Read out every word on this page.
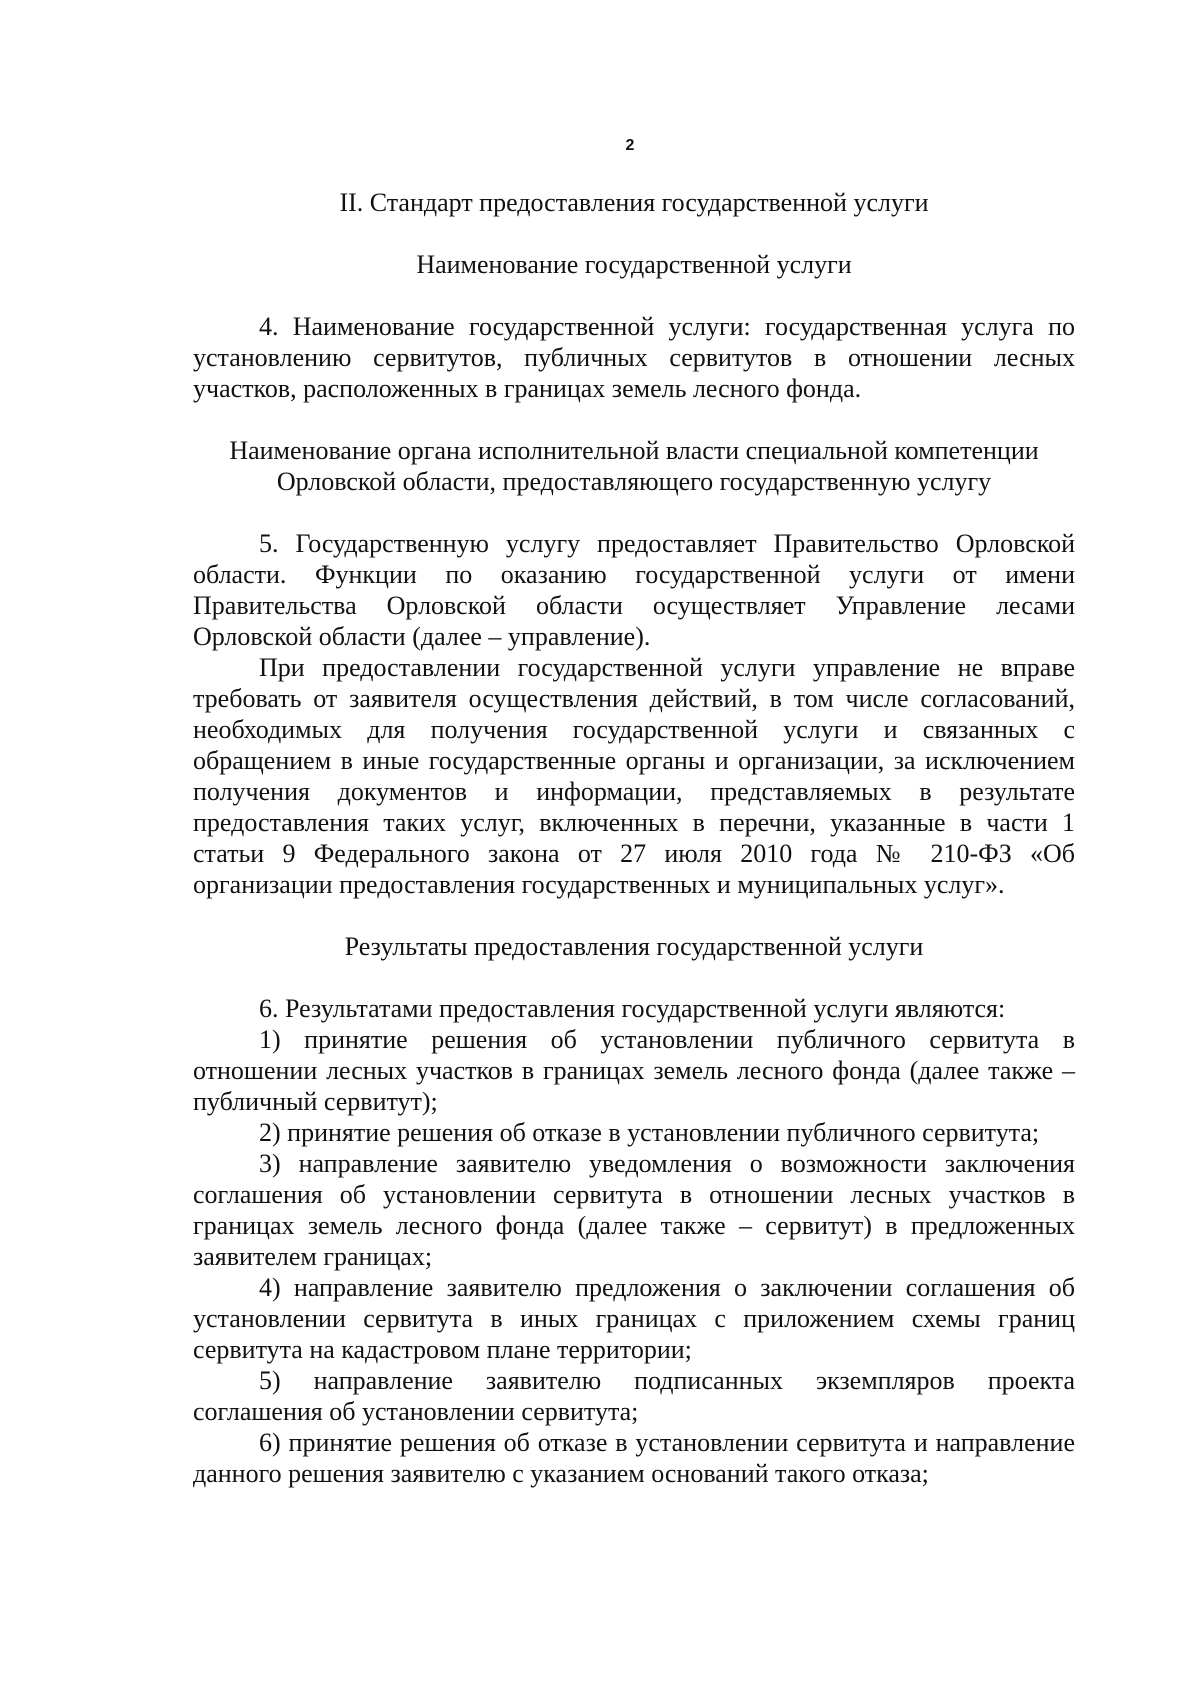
2
II. Стандарт предоставления государственной услуги
Наименование государственной услуги

4. Наименование государственной услуги: государственная услуга по установлению сервитутов, публичных сервитутов в отношении лесных участков, расположенных в границах земель лесного фонда.

Наименование органа исполнительной власти специальной компетенции
Орловской области, предоставляющего государственную услугу

5. Государственную услугу предоставляет Правительство Орловской области. Функции по оказанию государственной услуги от имени Правительства Орловской области осуществляет Управление лесами Орловской области (далее – управление).

При предоставлении государственной услуги управление не вправе требовать от заявителя осуществления действий, в том числе согласований, необходимых для получения государственной услуги и связанных с обращением в иные государственные органы и организации, за исключением получения документов и информации, представляемых в результате предоставления таких услуг, включенных в перечни, указанные в части 1 статьи 9 Федерального закона от 27 июля 2010 года № 210-ФЗ «Об организации предоставления государственных и муниципальных услуг».

Результаты предоставления государственной услуги

6. Результатами предоставления государственной услуги являются:

1) принятие решения об установлении публичного сервитута в отношении лесных участков в границах земель лесного фонда (далее также – публичный сервитут);

2) принятие решения об отказе в установлении публичного сервитута;

3) направление заявителю уведомления о возможности заключения соглашения об установлении сервитута в отношении лесных участков в границах земель лесного фонда (далее также – сервитут) в предложенных заявителем границах;

4) направление заявителю предложения о заключении соглашения об установлении сервитута в иных границах с приложением схемы границ сервитута на кадастровом плане территории;

5) направление заявителю подписанных экземпляров проекта соглашения об установлении сервитута;

6) принятие решения об отказе в установлении сервитута и направление данного решения заявителю с указанием оснований такого отказа;
